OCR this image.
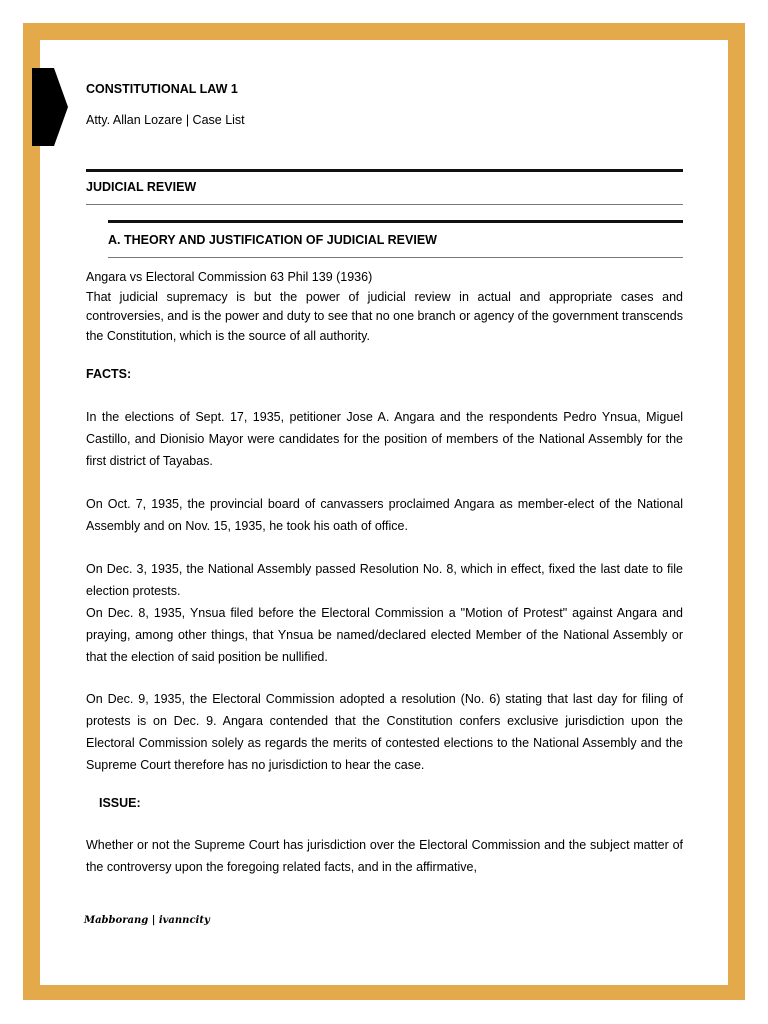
CONSTITUTIONAL LAW 1
Atty. Allan Lozare | Case List
JUDICIAL REVIEW
A. THEORY AND JUSTIFICATION OF JUDICIAL REVIEW

Angara vs Electoral Commission 63 Phil 139 (1936)

That judicial supremacy is but the power of judicial review in actual and appropriate cases and controversies, and is the power and duty to see that no one branch or agency of the government transcends the Constitution, which is the source of all authority.

FACTS:

In the elections of Sept. 17, 1935, petitioner Jose A. Angara and the respondents Pedro Ynsua, Miguel Castillo, and Dionisio Mayor were candidates for the position of members of the National Assembly for the first district of Tayabas.

On Oct. 7, 1935, the provincial board of canvassers proclaimed Angara as member-elect of the National Assembly and on Nov. 15, 1935, he took his oath of office.

On Dec. 3, 1935, the National Assembly passed Resolution No. 8, which in effect, fixed the last date to file election protests.

On Dec. 8, 1935, Ynsua filed before the Electoral Commission a "Motion of Protest" against Angara and praying, among other things, that Ynsua be named/declared elected Member of the National Assembly or that the election of said position be nullified.

On Dec. 9, 1935, the Electoral Commission adopted a resolution (No. 6) stating that last day for filing of protests is on Dec. 9. Angara contended that the Constitution confers exclusive jurisdiction upon the Electoral Commission solely as regards the merits of contested elections to the National Assembly and the Supreme Court therefore has no jurisdiction to hear the case.

ISSUE:

Whether or not the Supreme Court has jurisdiction over the Electoral Commission and the subject matter of the controversy upon the foregoing related facts, and in the affirmative,

Mabborang | ivanncity
